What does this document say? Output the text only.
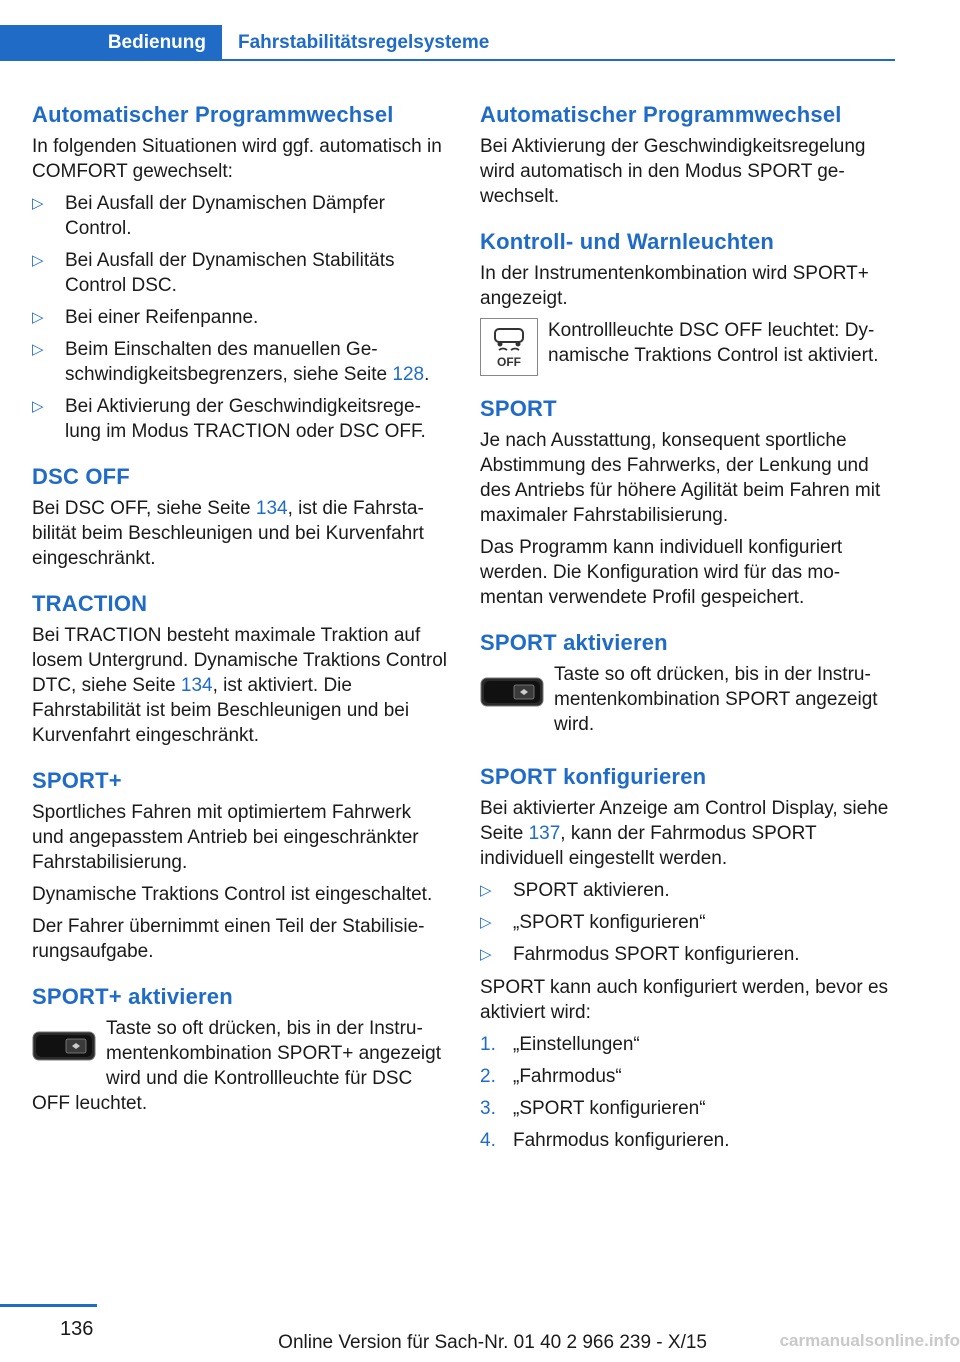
Bedienung	Fahrstabilitätsregelsysteme
Automatischer Programmwechsel

In folgenden Situationen wird ggf. automatisch in COMFORT gewechselt:

▷ Bei Ausfall der Dynamischen Dämpfer Control.
▷ Bei Ausfall der Dynamischen Stabilitäts Control DSC.
▷ Bei einer Reifenpanne.
▷ Beim Einschalten des manuellen Geschwindigkeitsbegrenzers, siehe Seite 128.
▷ Bei Aktivierung der Geschwindigkeitsregelung im Modus TRACTION oder DSC OFF.
DSC OFF

Bei DSC OFF, siehe Seite 134, ist die Fahrstabilität beim Beschleunigen und bei Kurvenfahrt eingeschränkt.

TRACTION

Bei TRACTION besteht maximale Traktion auf losem Untergrund. Dynamische Traktions Control DTC, siehe Seite 134, ist aktiviert. Die Fahrstabilität ist beim Beschleunigen und bei Kurvenfahrt eingeschränkt.

SPORT+

Sportliches Fahren mit optimiertem Fahrwerk und angepasstem Antrieb bei eingeschränkter Fahrstabilisierung.

Dynamische Traktions Control ist eingeschaltet.

Der Fahrer übernimmt einen Teil der Stabilisierungsaufgabe.

SPORT+ aktivieren

Taste so oft drücken, bis in der Instrumentenkombination SPORT+ angezeigt wird und die Kontrollleuchte für DSC OFF leuchtet.

Automatischer Programmwechsel

Bei Aktivierung der Geschwindigkeitsregelung wird automatisch in den Modus SPORT gewechselt.

Kontroll- und Warnleuchten

In der Instrumentenkombination wird SPORT+ angezeigt.

OFF

Kontrollleuchte DSC OFF leuchtet: Dynamische Traktions Control ist aktiviert.

SPORT

Je nach Ausstattung, konsequent sportliche Abstimmung des Fahrwerks, der Lenkung und des Antriebs für höhere Agilität beim Fahren mit maximaler Fahrstabilisierung.

Das Programm kann individuell konfiguriert werden. Die Konfiguration wird für das momentan verwendete Profil gespeichert.

SPORT aktivieren

Taste so oft drücken, bis in der Instrumentenkombination SPORT angezeigt wird.

SPORT konfigurieren

Bei aktivierter Anzeige am Control Display, siehe Seite 137, kann der Fahrmodus SPORT individuell eingestellt werden.

▷ SPORT aktivieren.
▷ „SPORT konfigurieren“
▷ Fahrmodus SPORT konfigurieren.

SPORT kann auch konfiguriert werden, bevor es aktiviert wird:

1. „Einstellungen“
2. „Fahrmodus“
3. „SPORT konfigurieren“
4. Fahrmodus konfigurieren.
136
Online Version für Sach-Nr. 01 40 2 966 239 - X/15	carmanualsonline.info
